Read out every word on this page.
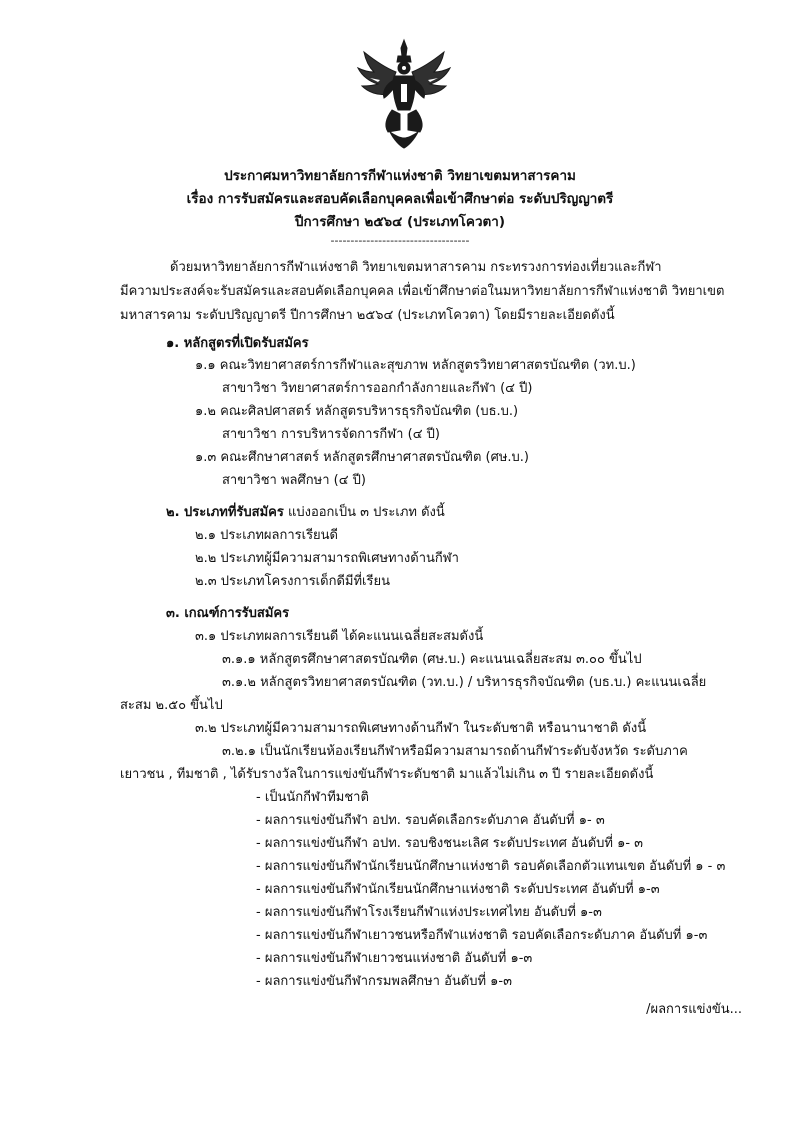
ประกาศมหาวิทยาลัยการกีฬาแห่งชาติ วิทยาเขตมหาสารคาม
เรื่อง การรับสมัครและสอบคัดเลือกบุคคลเพื่อเข้าศึกษาต่อ ระดับปริญญาตรี
ปีการศึกษา ๒๕๖๔ (ประเภทโควตา)
-----------------------------------
ด้วยมหาวิทยาลัยการกีฬาแห่งชาติ วิทยาเขตมหาสารคาม กระทรวงการท่องเที่ยวและกีฬา
มีความประสงค์จะรับสมัครและสอบคัดเลือกบุคคล เพื่อเข้าศึกษาต่อในมหาวิทยาลัยการกีฬาแห่งชาติ วิทยาเขต
มหาสารคาม ระดับปริญญาตรี ปีการศึกษา ๒๕๖๔ (ประเภทโควตา) โดยมีรายละเอียดดังนี้
๑. หลักสูตรที่เปิดรับสมัคร
๑.๑ คณะวิทยาศาสตร์การกีฬาและสุขภาพ หลักสูตรวิทยาศาสตรบัณฑิต (วท.บ.)
สาขาวิชา วิทยาศาสตร์การออกกำลังกายและกีฬา (๔ ปี)
๑.๒ คณะศิลปศาสตร์ หลักสูตรบริหารธุรกิจบัณฑิต (บธ.บ.)
สาขาวิชา การบริหารจัดการกีฬา (๔ ปี)
๑.๓ คณะศึกษาศาสตร์ หลักสูตรศึกษาศาสตรบัณฑิต (ศษ.บ.)
สาขาวิชา พลศึกษา (๔ ปี)
๒. ประเภทที่รับสมัคร แบ่งออกเป็น ๓ ประเภท ดังนี้
๒.๑ ประเภทผลการเรียนดี
๒.๒ ประเภทผู้มีความสามารถพิเศษทางด้านกีฬา
๒.๓ ประเภทโครงการเด็กดีมีที่เรียน
๓. เกณฑ์การรับสมัคร
๓.๑ ประเภทผลการเรียนดี ได้คะแนนเฉลี่ยสะสมดังนี้
๓.๑.๑ หลักสูตรศึกษาศาสตรบัณฑิต (ศษ.บ.) คะแนนเฉลี่ยสะสม ๓.๐๐ ขึ้นไป
๓.๑.๒ หลักสูตรวิทยาศาสตรบัณฑิต (วท.บ.) / บริหารธุรกิจบัณฑิต (บธ.บ.) คะแนนเฉลี่ย
สะสม ๒.๕๐ ขึ้นไป
๓.๒ ประเภทผู้มีความสามารถพิเศษทางด้านกีฬา ในระดับชาติ หรือนานาชาติ ดังนี้
๓.๒.๑ เป็นนักเรียนห้องเรียนกีฬาหรือมีความสามารถด้านกีฬาระดับจังหวัด ระดับภาค
เยาวชน , ทีมชาติ , ได้รับรางวัลในการแข่งขันกีฬาระดับชาติ มาแล้วไม่เกิน ๓ ปี รายละเอียดดังนี้
- เป็นนักกีฬาทีมชาติ
- ผลการแข่งขันกีฬา อปท. รอบคัดเลือกระดับภาค อันดับที่ ๑- ๓
- ผลการแข่งขันกีฬา อปท. รอบชิงชนะเลิศ ระดับประเทศ อันดับที่ ๑- ๓
- ผลการแข่งขันกีฬานักเรียนนักศึกษาแห่งชาติ รอบคัดเลือกตัวแทนเขต อันดับที่ ๑ - ๓
- ผลการแข่งขันกีฬานักเรียนนักศึกษาแห่งชาติ ระดับประเทศ อันดับที่ ๑-๓
- ผลการแข่งขันกีฬาโรงเรียนกีฬาแห่งประเทศไทย อันดับที่ ๑-๓
- ผลการแข่งขันกีฬาเยาวชนหรือกีฬาแห่งชาติ รอบคัดเลือกระดับภาค อันดับที่ ๑-๓
- ผลการแข่งขันกีฬาเยาวชนแห่งชาติ อันดับที่ ๑-๓
- ผลการแข่งขันกีฬากรมพลศึกษา อันดับที่ ๑-๓
/ผลการแข่งขัน...
